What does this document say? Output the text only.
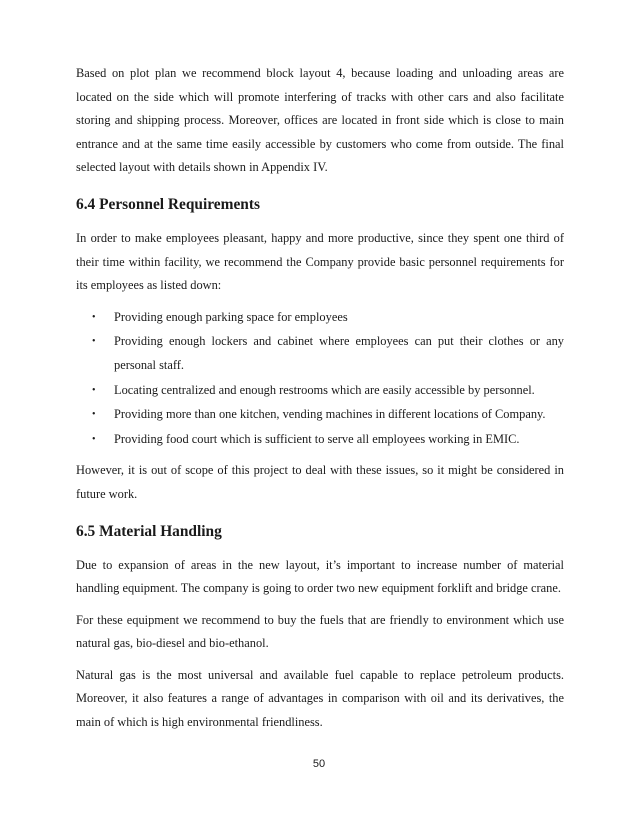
Based on plot plan we recommend block layout 4, because loading and unloading areas are located on the side which will promote interfering of tracks with other cars and also facilitate storing and shipping process. Moreover, offices are located in front side which is close to main entrance and at the same time easily accessible by customers who come from outside. The final selected layout with details shown in Appendix IV.

6.4 Personnel Requirements

In order to make employees pleasant, happy and more productive, since they spent one third of their time within facility, we recommend the Company provide basic personnel requirements for its employees as listed down:

• Providing enough parking space for employees
• Providing enough lockers and cabinet where employees can put their clothes or any personal staff.
• Locating centralized and enough restrooms which are easily accessible by personnel.
• Providing more than one kitchen, vending machines in different locations of Company.
• Providing food court which is sufficient to serve all employees working in EMIC.

However, it is out of scope of this project to deal with these issues, so it might be considered in future work.

6.5 Material Handling

Due to expansion of areas in the new layout, it’s important to increase number of material handling equipment. The company is going to order two new equipment forklift and bridge crane.

For these equipment we recommend to buy the fuels that are friendly to environment which use natural gas, bio-diesel and bio-ethanol.

Natural gas is the most universal and available fuel capable to replace petroleum products. Moreover, it also features a range of advantages in comparison with oil and its derivatives, the main of which is high environmental friendliness.

50
